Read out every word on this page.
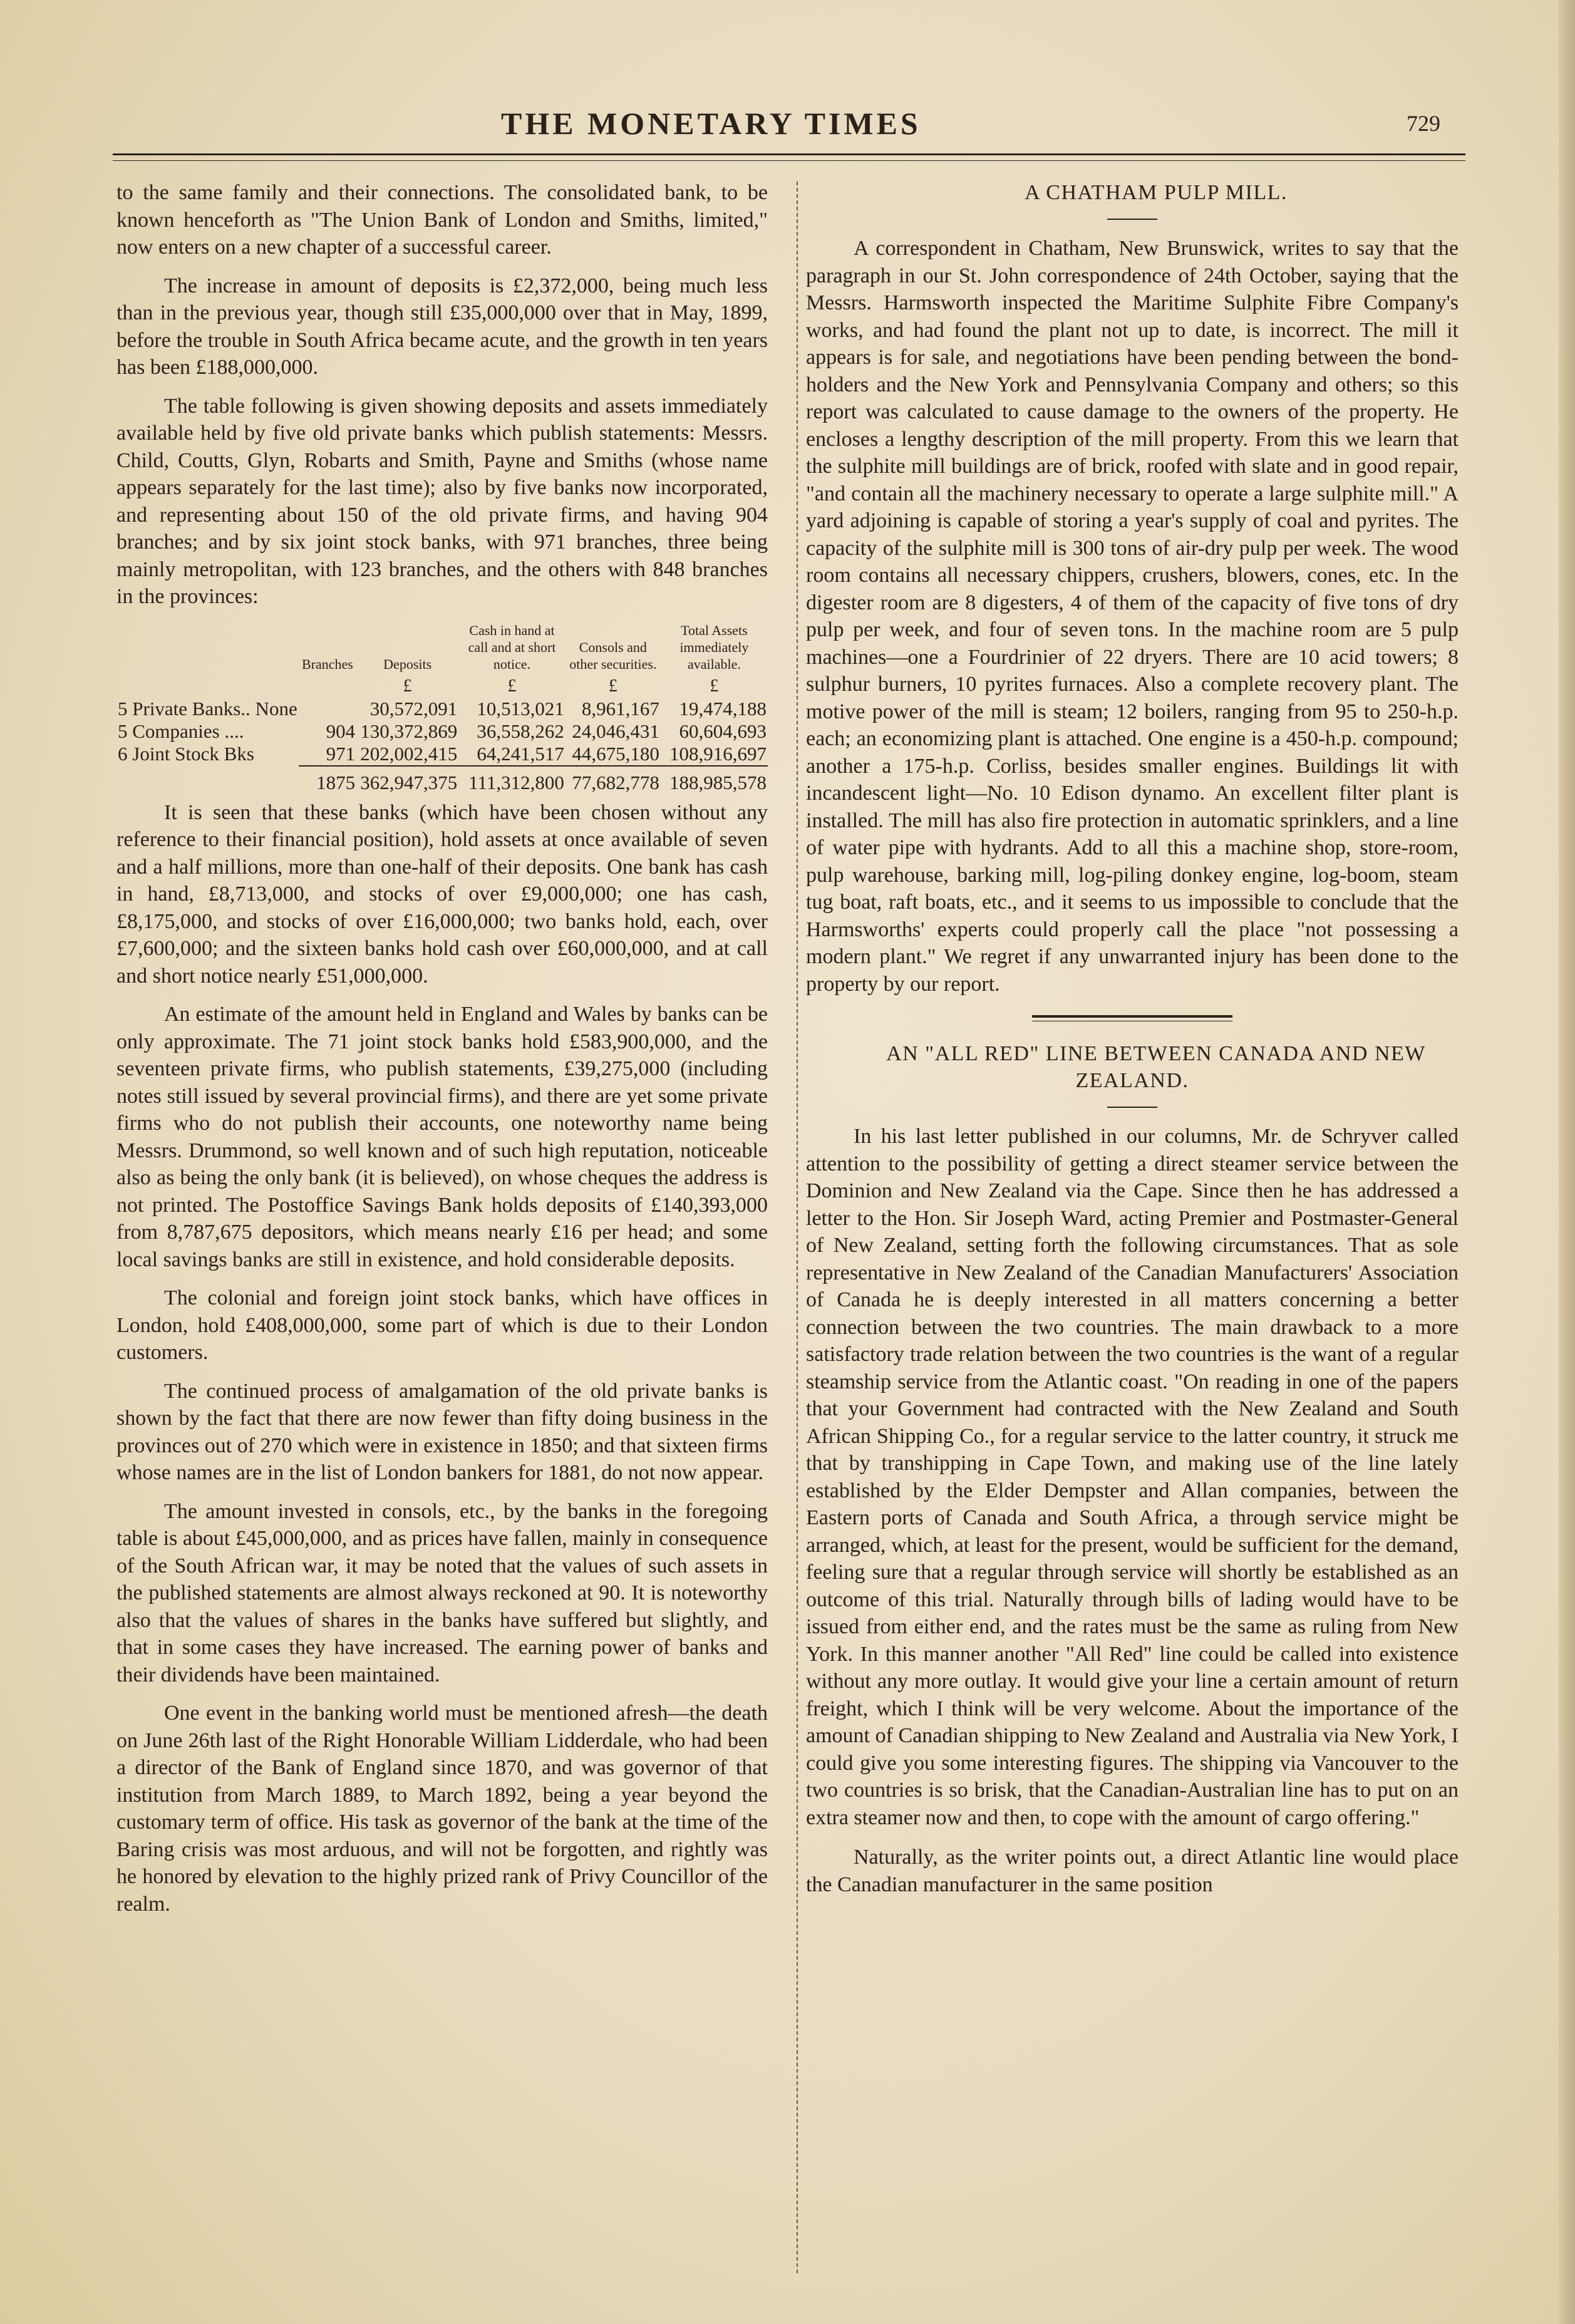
THE MONETARY TIMES	729

to the same family and their connections. The consolidated bank, to be known henceforth as "The Union Bank of London and Smiths, limited," now enters on a new chapter of a successful career.

The increase in amount of deposits is £2,372,000, being much less than in the previous year, though still £35,000,000 over that in May, 1899, before the trouble in South Africa became acute, and the growth in ten years has been £188,000,000.

The table following is given showing deposits and assets immediately available held by five old private banks which publish statements: Messrs. Child, Coutts, Glyn, Robarts and Smith, Payne and Smiths (whose name appears separately for the last time); also by five banks now incorporated, and representing about 150 of the old private firms, and having 904 branches; and by six joint stock banks, with 971 branches, three being mainly metropolitan, with 123 branches, and the others with 848 branches in the provinces:

	Branches	Deposits	Cash in hand at call and at short notice.	Consols and other securities.	Total Assets immediately available.
		£	£	£	£
5 Private Banks.. None		30,572,091	10,513,021	8,961,167	19,474,188
5 Companies ....	904	130,372,869	36,558,262	24,046,431	60,604,693
6 Joint Stock Bks	971	202,002,415	64,241,517	44,675,180	108,916,697
	1875	362,947,375	111,312,800	77,682,778	188,985,578

It is seen that these banks (which have been chosen without any reference to their financial position), hold assets at once available of seven and a half millions, more than one-half of their deposits. One bank has cash in hand, £8,713,000, and stocks of over £9,000,000; one has cash, £8,175,000, and stocks of over £16,000,000; two banks hold, each, over £7,600,000; and the sixteen banks hold cash over £60,000,000, and at call and short notice nearly £51,000,000.

An estimate of the amount held in England and Wales by banks can be only approximate. The 71 joint stock banks hold £583,900,000, and the seventeen private firms, who publish statements, £39,275,000 (including notes still issued by several provincial firms), and there are yet some private firms who do not publish their accounts, one noteworthy name being Messrs. Drummond, so well known and of such high reputation, noticeable also as being the only bank (it is believed), on whose cheques the address is not printed. The Postoffice Savings Bank holds deposits of £140,393,000 from 8,787,675 depositors, which means nearly £16 per head; and some local savings banks are still in existence, and hold considerable deposits.

The colonial and foreign joint stock banks, which have offices in London, hold £408,000,000, some part of which is due to their London customers.

The continued process of amalgamation of the old private banks is shown by the fact that there are now fewer than fifty doing business in the provinces out of 270 which were in existence in 1850; and that sixteen firms whose names are in the list of London bankers for 1881, do not now appear.

The amount invested in consols, etc., by the banks in the foregoing table is about £45,000,000, and as prices have fallen, mainly in consequence of the South African war, it may be noted that the values of such assets in the published statements are almost always reckoned at 90. It is noteworthy also that the values of shares in the banks have suffered but slightly, and that in some cases they have increased. The earning power of banks and their dividends have been maintained.

One event in the banking world must be mentioned afresh—the death on June 26th last of the Right Honorable William Lidderdale, who had been a director of the Bank of England since 1870, and was governor of that institution from March 1889, to March 1892, being a year beyond the customary term of office. His task as governor of the bank at the time of the Baring crisis was most arduous, and will not be forgotten, and rightly was he honored by elevation to the highly prized rank of Privy Councillor of the realm.

A CHATHAM PULP MILL.

A correspondent in Chatham, New Brunswick, writes to say that the paragraph in our St. John correspondence of 24th October, saying that the Messrs. Harmsworth inspected the Maritime Sulphite Fibre Company's works, and had found the plant not up to date, is incorrect. The mill it appears is for sale, and negotiations have been pending between the bond-holders and the New York and Pennsylvania Company and others; so this report was calculated to cause damage to the owners of the property. He encloses a lengthy description of the mill property. From this we learn that the sulphite mill buildings are of brick, roofed with slate and in good repair, "and contain all the machinery necessary to operate a large sulphite mill." A yard adjoining is capable of storing a year's supply of coal and pyrites. The capacity of the sulphite mill is 300 tons of air-dry pulp per week. The wood room contains all necessary chippers, crushers, blowers, cones, etc. In the digester room are 8 digesters, 4 of them of the capacity of five tons of dry pulp per week, and four of seven tons. In the machine room are 5 pulp machines—one a Fourdrinier of 22 dryers. There are 10 acid towers; 8 sulphur burners, 10 pyrites furnaces. Also a complete recovery plant. The motive power of the mill is steam; 12 boilers, ranging from 95 to 250-h.p. each; an economizing plant is attached. One engine is a 450-h.p. compound; another a 175-h.p. Corliss, besides smaller engines. Buildings lit with incandescent light—No. 10 Edison dynamo. An excellent filter plant is installed. The mill has also fire protection in automatic sprinklers, and a line of water pipe with hydrants. Add to all this a machine shop, store-room, pulp warehouse, barking mill, log-piling donkey engine, log-boom, steam tug boat, raft boats, etc., and it seems to us impossible to conclude that the Harmsworths' experts could properly call the place "not possessing a modern plant." We regret if any unwarranted injury has been done to the property by our report.

AN "ALL RED" LINE BETWEEN CANADA AND NEW ZEALAND.

In his last letter published in our columns, Mr. de Schryver called attention to the possibility of getting a direct steamer service between the Dominion and New Zealand via the Cape. Since then he has addressed a letter to the Hon. Sir Joseph Ward, acting Premier and Postmaster-General of New Zealand, setting forth the following circumstances. That as sole representative in New Zealand of the Canadian Manufacturers' Association of Canada he is deeply interested in all matters concerning a better connection between the two countries. The main drawback to a more satisfactory trade relation between the two countries is the want of a regular steamship service from the Atlantic coast. "On reading in one of the papers that your Government had contracted with the New Zealand and South African Shipping Co., for a regular service to the latter country, it struck me that by transhipping in Cape Town, and making use of the line lately established by the Elder Dempster and Allan companies, between the Eastern ports of Canada and South Africa, a through service might be arranged, which, at least for the present, would be sufficient for the demand, feeling sure that a regular through service will shortly be established as an outcome of this trial. Naturally through bills of lading would have to be issued from either end, and the rates must be the same as ruling from New York. In this manner another "All Red" line could be called into existence without any more outlay. It would give your line a certain amount of return freight, which I think will be very welcome. About the importance of the amount of Canadian shipping to New Zealand and Australia via New York, I could give you some interesting figures. The shipping via Vancouver to the two countries is so brisk, that the Canadian-Australian line has to put on an extra steamer now and then, to cope with the amount of cargo offering."

Naturally, as the writer points out, a direct Atlantic line would place the Canadian manufacturer in the same position
